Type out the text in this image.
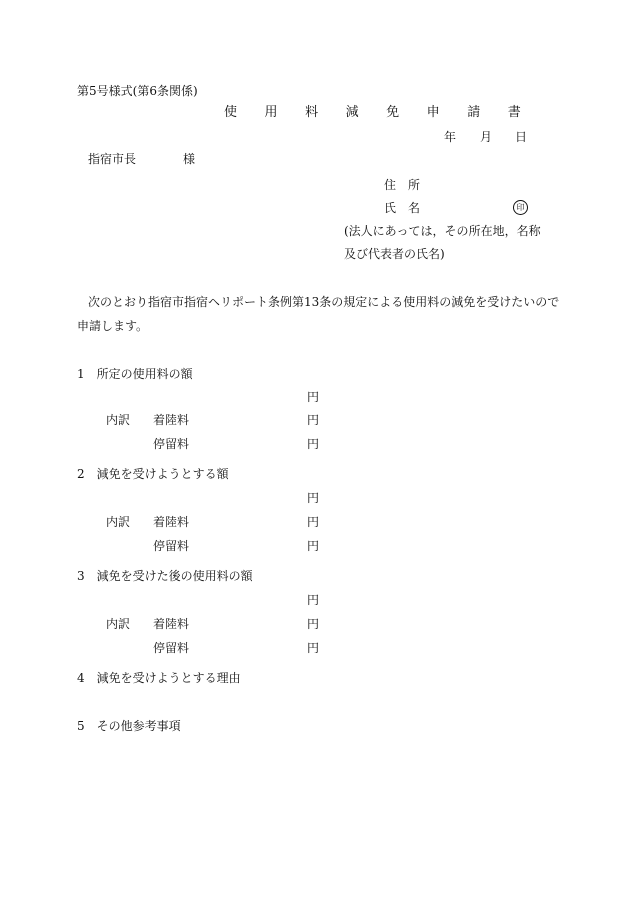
第5号様式(第6条関係)
使 用 料 減 免 申 請 書
年 月 日
指宿市長	様
住　所
氏　名	印
(法人にあっては，その所在地，名称
及び代表者の氏名)
次のとおり指宿市指宿ヘリポート条例第13条の規定による使用料の減免を受けたいので
申請します。
1　所定の使用料の額
円
内訳 着陸料	円
停留料	円
2　減免を受けようとする額
円
内訳 着陸料	円
停留料	円
3　減免を受けた後の使用料の額
円
内訳 着陸料	円
停留料	円
4　減免を受けようとする理由
5　その他参考事項
